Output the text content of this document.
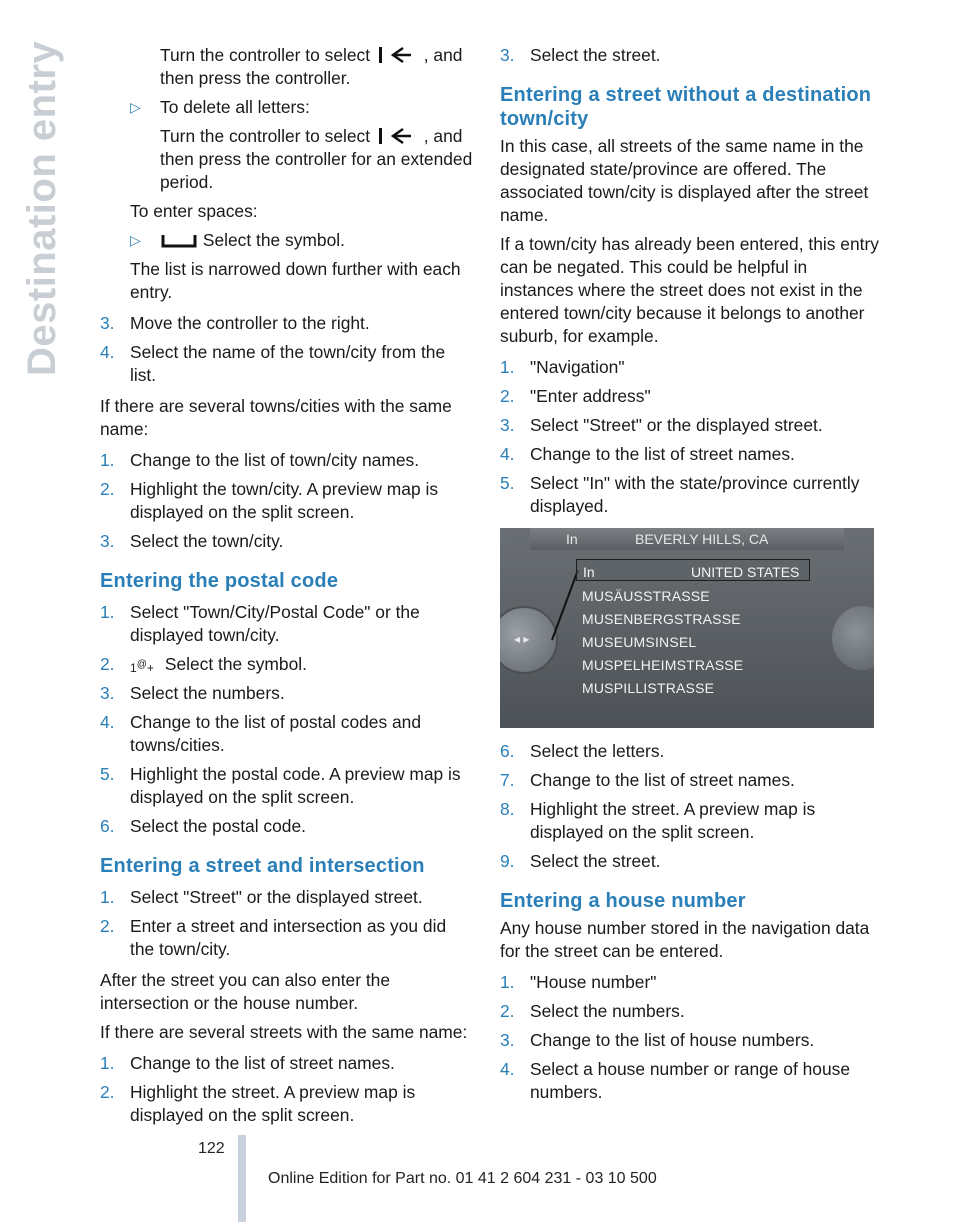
Destination entry	Turn the controller to select	, and then press the controller.

▷ To delete all letters:

Turn the controller to select	, and then press the controller for an extended period.

To enter spaces:

▷	Select the symbol.

The list is narrowed down further with each entry.

3. Move the controller to the right.
4. Select the name of the town/city from the list.

If there are several towns/cities with the same name:

1. Change to the list of town/city names.
2. Highlight the town/city. A preview map is displayed on the split screen.
3. Select the town/city.
Entering the postal code
1. Select "Town/City/Postal Code" or the displayed town/city.
2. 1@+ Select the symbol.
3. Select the numbers.
4. Change to the list of postal codes and towns/cities.
5. Highlight the postal code. A preview map is displayed on the split screen.
6. Select the postal code.
Entering a street and intersection
1. Select "Street" or the displayed street.
2. Enter a street and intersection as you did the town/city.

After the street you can also enter the intersection or the house number.

If there are several streets with the same name:

1. Change to the list of street names.
2. Highlight the street. A preview map is displayed on the split screen.
3. Select the street.
Entering a street without a destination town/city

In this case, all streets of the same name in the designated state/province are offered. The associated town/city is displayed after the street name.

If a town/city has already been entered, this entry can be negated. This could be helpful in instances where the street does not exist in the entered town/city because it belongs to another suburb, for example.

1. "Navigation"
2. "Enter address"
3. Select "Street" or the displayed street.
4. Change to the list of street names.
5. Select "In" with the state/province currently displayed.
In	BEVERLY HILLS, CA
◂ ▸
In	UNITED STATES
MUSÄUSSTRASSE
MUSENBERGSTRASSE
MUSEUMSINSEL
MUSPELHEIMSTRASSE
MUSPILLISTRASSE
6. Select the letters.
7. Change to the list of street names.
8. Highlight the street. A preview map is displayed on the split screen.
9. Select the street.
Entering a house number

Any house number stored in the navigation data for the street can be entered.

1. "House number"
2. Select the numbers.
3. Change to the list of house numbers.
4. Select a house number or range of house numbers.
122
Online Edition for Part no. 01 41 2 604 231 - 03 10 500
